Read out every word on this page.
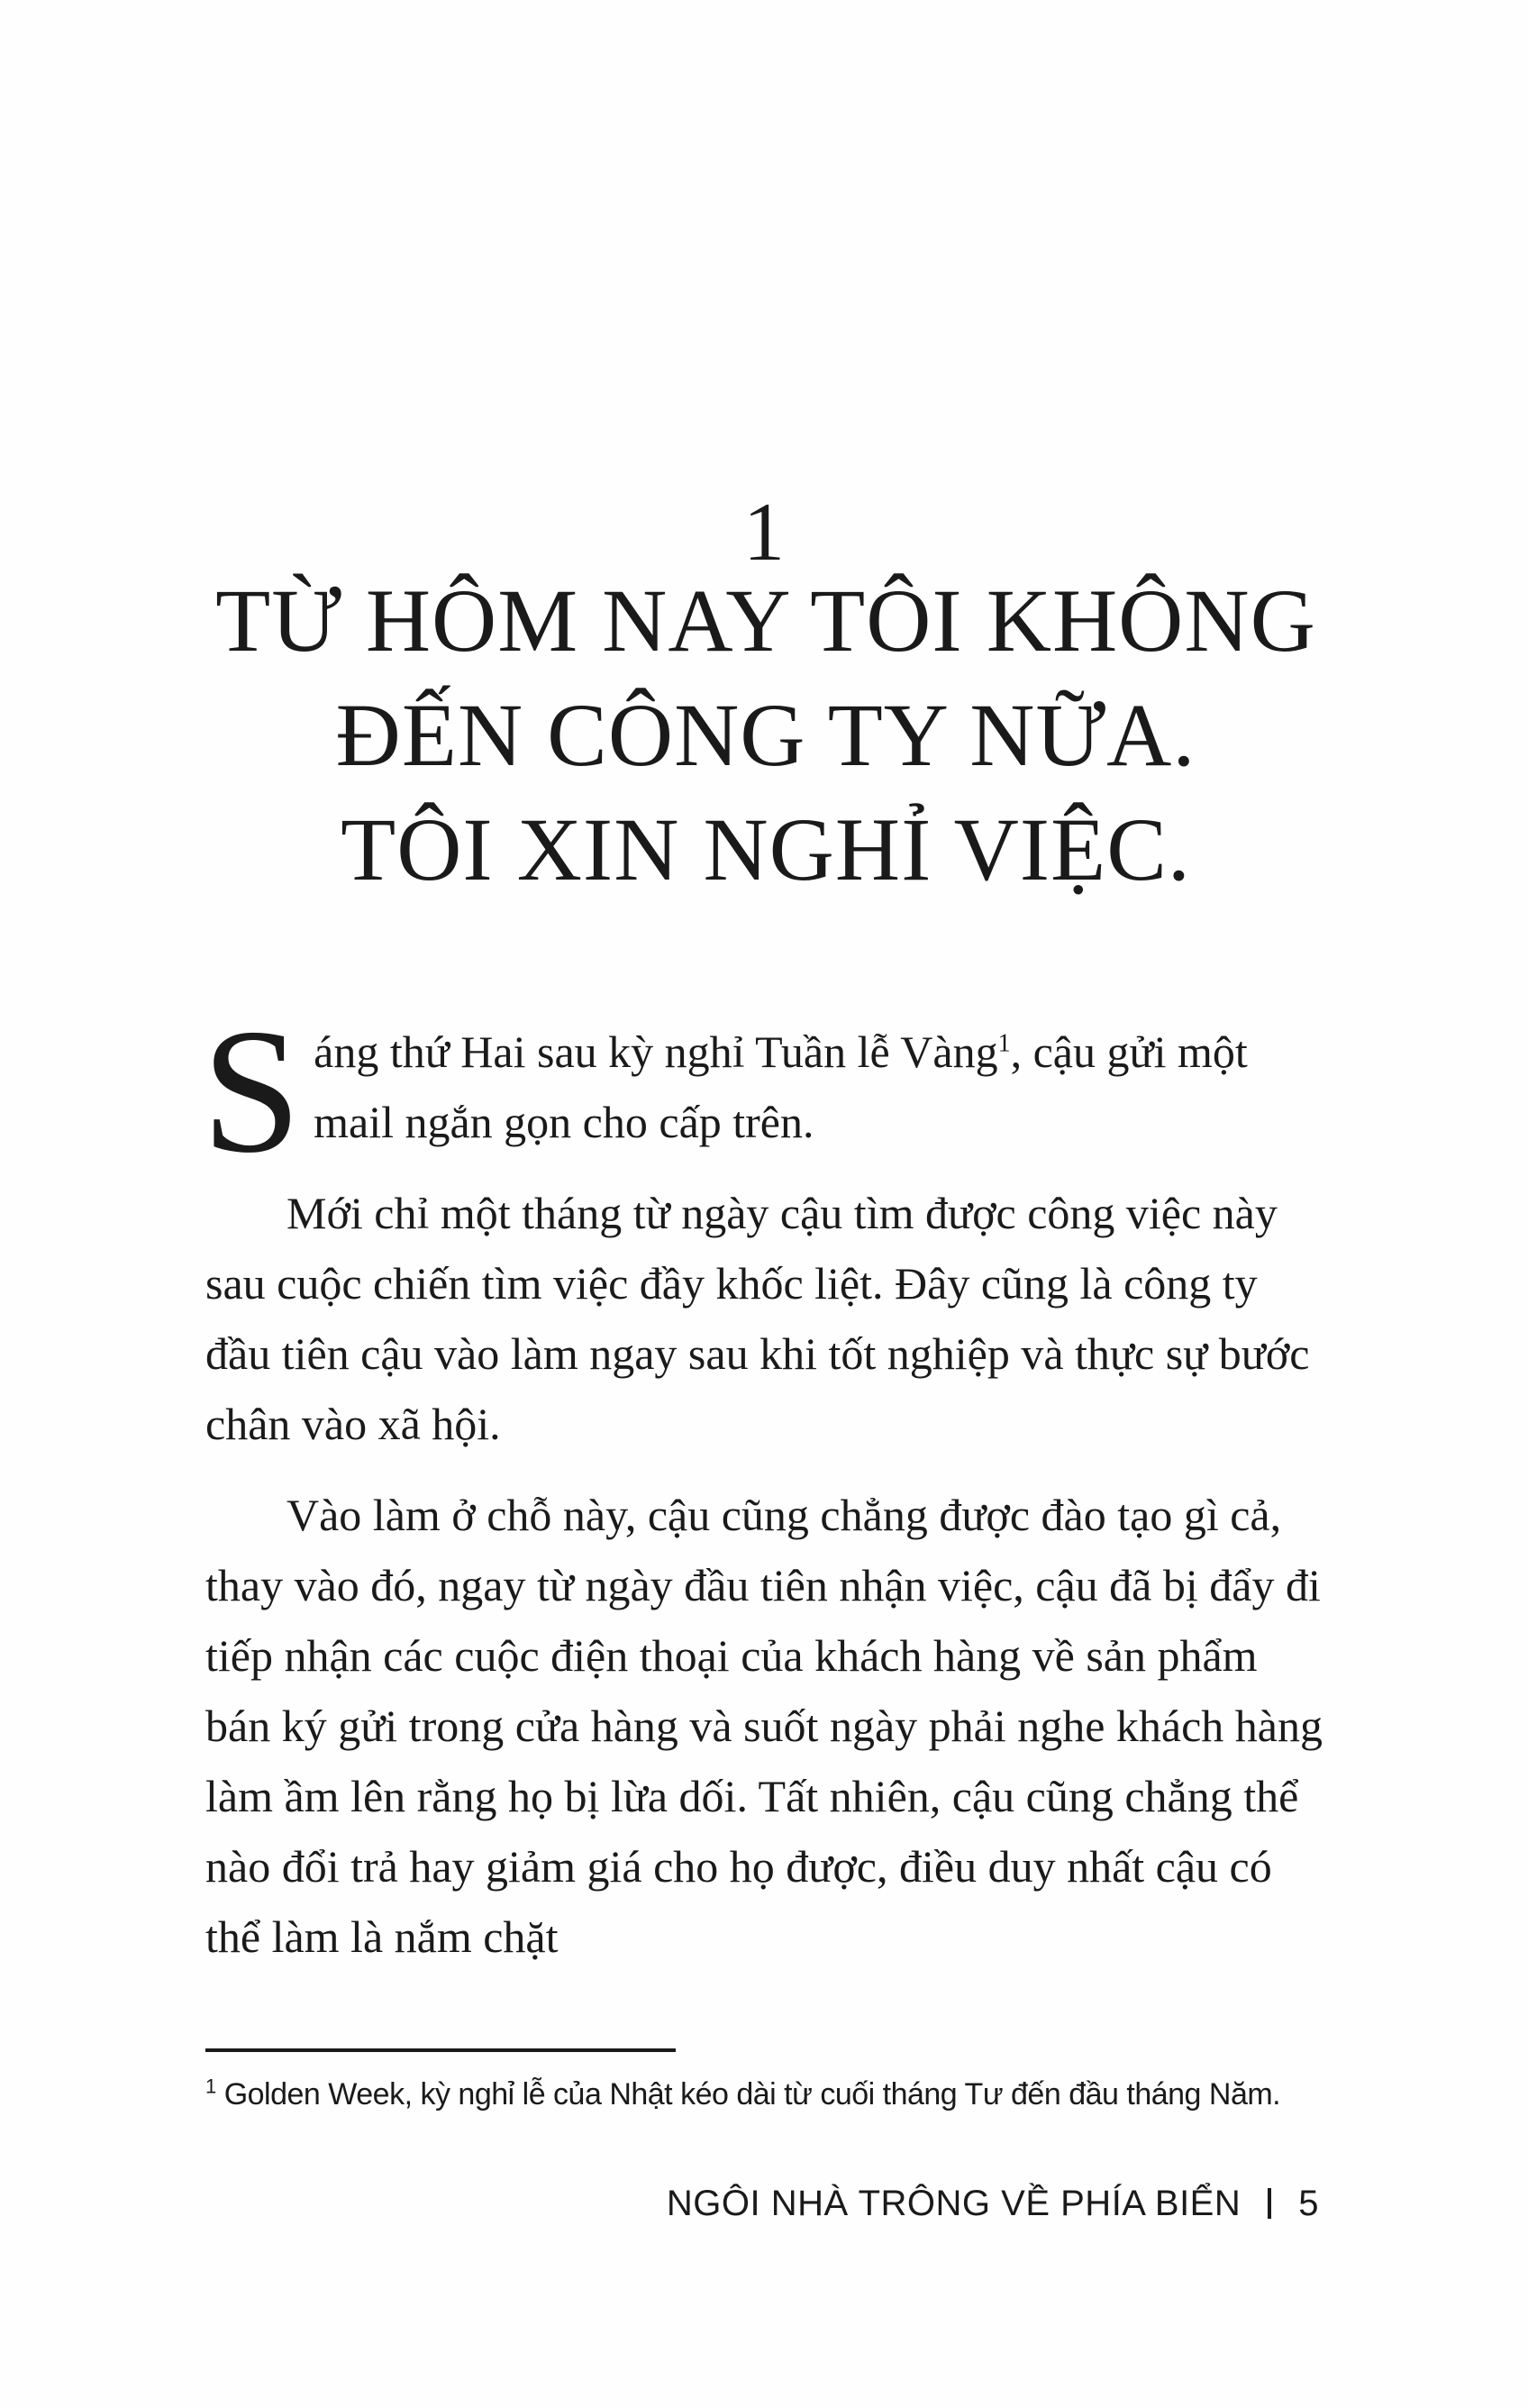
1
TỪ HÔM NAY TÔI KHÔNG
ĐẾN CÔNG TY NỮA.
TÔI XIN NGHỈ VIỆC.

Sáng thứ Hai sau kỳ nghỉ Tuần lễ Vàng$^1$, cậu gửi một mail ngắn gọn cho cấp trên.

Mới chỉ một tháng từ ngày cậu tìm được công việc này sau cuộc chiến tìm việc đầy khốc liệt. Đây cũng là công ty đầu tiên cậu vào làm ngay sau khi tốt nghiệp và thực sự bước chân vào xã hội.

Vào làm ở chỗ này, cậu cũng chẳng được đào tạo gì cả, thay vào đó, ngay từ ngày đầu tiên nhận việc, cậu đã bị đẩy đi tiếp nhận các cuộc điện thoại của khách hàng về sản phẩm bán ký gửi trong cửa hàng và suốt ngày phải nghe khách hàng làm ầm lên rằng họ bị lừa dối. Tất nhiên, cậu cũng chẳng thể nào đổi trả hay giảm giá cho họ được, điều duy nhất cậu có thể làm là nắm chặt

$^1$ Golden Week, kỳ nghỉ lễ của Nhật kéo dài từ cuối tháng Tư đến đầu tháng Năm.
NGÔI NHÀ TRÔNG VỀ PHÍA BIỂN 5
